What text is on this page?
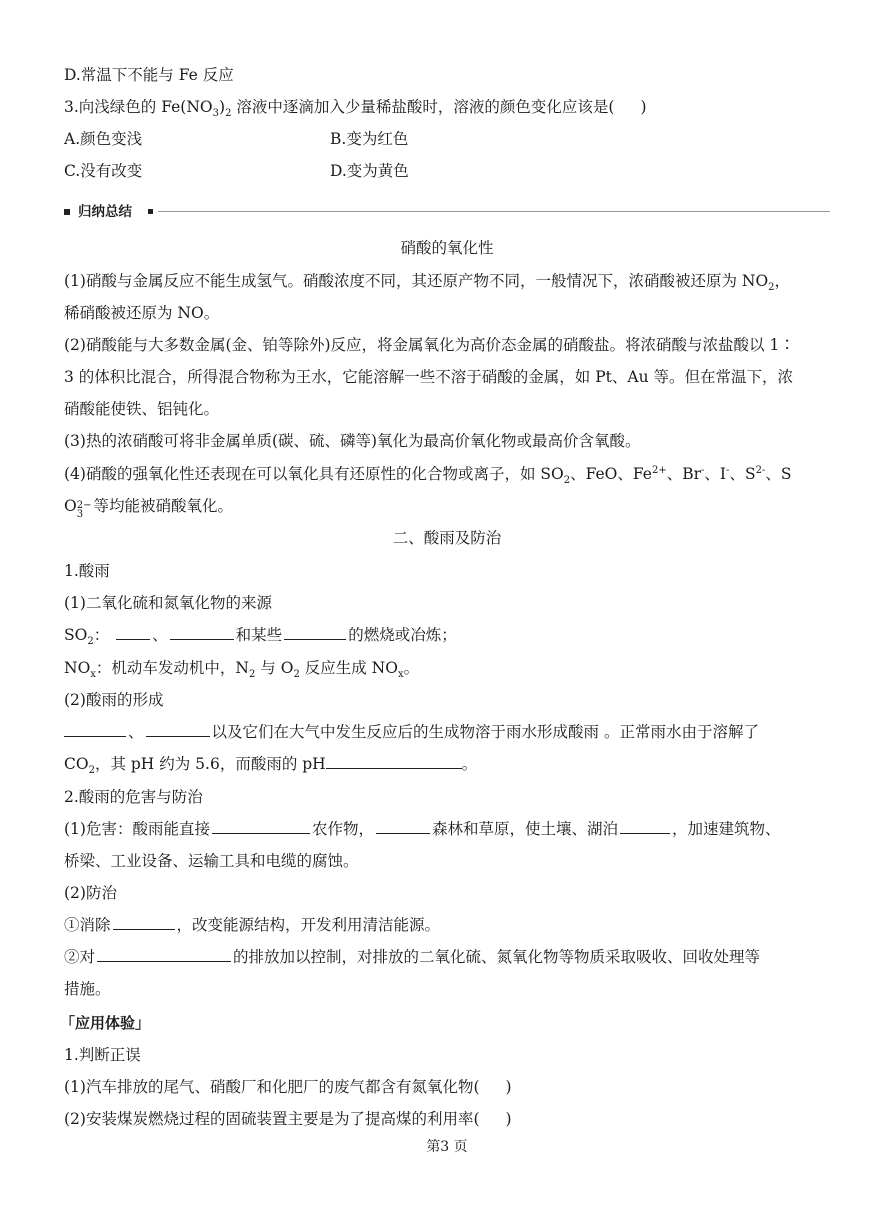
D.常温下不能与 Fe 反应
3.向浅绿色的 $Fe(NO_3)_2$ 溶液中逐滴加入少量稀盐酸时，溶液的颜色变化应该是( )
A.颜色变浅	B.变为红色
C.没有改变	D.变为黄色
归纳总结
硝酸的氧化性
(1)硝酸与金属反应不能生成氢气。硝酸浓度不同，其还原产物不同，一般情况下，浓硝酸被还原为 $NO_2$，
稀硝酸被还原为 NO。
(2)硝酸能与大多数金属(金、铂等除外)反应，将金属氧化为高价态金属的硝酸盐。将浓硝酸与浓盐酸以 1∶
3 的体积比混合，所得混合物称为王水，它能溶解一些不溶于硝酸的金属，如 Pt、Au 等。但在常温下，浓
硝酸能使铁、铝钝化。
(3)热的浓硝酸可将非金属单质(碳、硫、磷等)氧化为最高价氧化物或最高价含氧酸。
(4)硝酸的强氧化性还表现在可以氧化具有还原性的化合物或离子，如 $SO_2$、FeO、$Fe^{2+}$、Br-、I-、$S^{2-}$、S
O 2−
3 等均能被硝酸氧化。
二、酸雨及防治
1.酸雨
(1)二氧化硫和氮氧化物的来源
$SO_2$：	、	和某些	的燃烧或冶炼；
$NO_x$：机动车发动机中，$N_2$ 与 $O_2$ 反应生成 $NO_x$。
(2)酸雨的形成
、	以及它们在大气中发生反应后的生成物溶于雨水形成酸雨 。正常雨水由于溶解了
$CO_2$，其 pH 约为 5.6，而酸雨的 pH	。
2.酸雨的危害与防治
(1)危害：酸雨能直接	农作物，	森林和草原，使土壤、湖泊	，加速建筑物、
桥梁、工业设备、运输工具和电缆的腐蚀。
(2)防治
①消除	，改变能源结构，开发利用清洁能源。
②对	的排放加以控制，对排放的二氧化硫、氮氧化物等物质采取吸收、回收处理等
措施。
「应用体验」
1.判断正误
(1)汽车排放的尾气、硝酸厂和化肥厂的废气都含有氮氧化物( )
(2)安装煤炭燃烧过程的固硫装置主要是为了提高煤的利用率( )
第3 页
